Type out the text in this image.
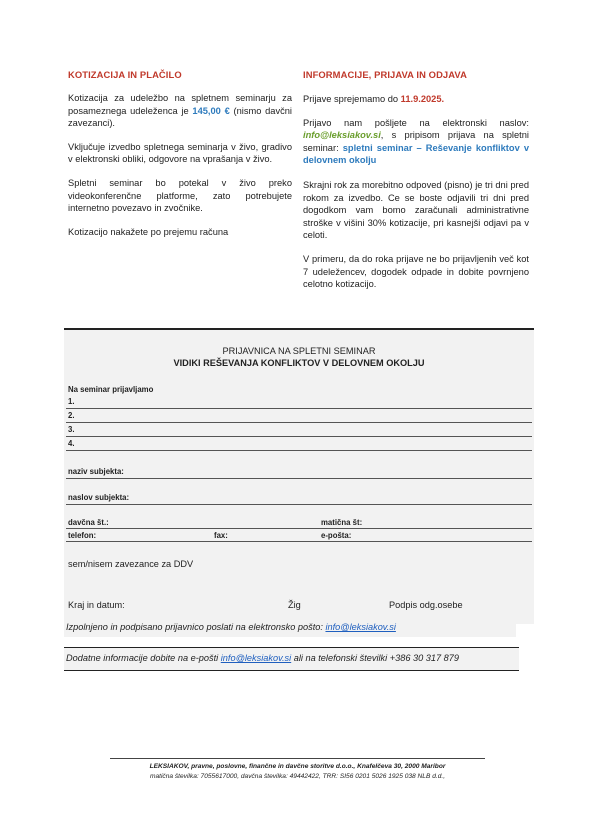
KOTIZACIJA IN PLAČILO

Kotizacija za udeležbo na spletnem seminarju za posameznega udeleženca je 145,00 € (nismo davčni zavezanci).

Vključuje izvedbo spletnega seminarja v živo, gradivo v elektronski obliki, odgovore na vprašanja v živo.

Spletni seminar bo potekal v živo preko videokonferenčne platforme, zato potrebujete internetno povezavo in zvočnike.

Kotizacijo nakažete po prejemu računa

INFORMACIJE, PRIJAVA IN ODJAVA

Prijave sprejemamo do 11.9.2025.

Prijavo nam pošljete na elektronski naslov: info@leksiakov.si, s pripisom prijava na spletni seminar: spletni seminar – Reševanje konfliktov v delovnem okolju

Skrajni rok za morebitno odpoved (pisno) je tri dni pred rokom za izvedbo. Ce se boste odjavili tri dni pred dogodkom vam bomo zaračunali administrativne stroške v višini 30% kotizacije, pri kasnejši odjavi pa v celoti.

V primeru, da do roka prijave ne bo prijavljenih več kot 7 udeležencev, dogodek odpade in dobite povrnjeno celotno kotizacijo.

PRIJAVNICA NA SPLETNI SEMINAR
VIDIKI REŠEVANJA KONFLIKTOV V DELOVNEM OKOLJU
Na seminar prijavljamo
1.
2.
3.
4.
naziv subjekta:
naslov subjekta:
davčna št.:	matična št:
telefon:	fax:	e-pošta:
sem/nisem zavezance za DDV
Kraj in datum:	Žig	Podpis odg.osebe
Izpolnjeno in podpisano prijavnico poslati na elektronsko pošto: info@leksiakov.si
Dodatne informacije dobite na e-pošti info@leksiakov.si ali na telefonski številki +386 30 317 879
LEKSIAKOV, pravne, poslovne, finančne in davčne storitve d.o.o., Knafelčeva 30, 2000 Maribor
matična številka: 7055617000, davčna številka: 49442422, TRR: SI56 0201 5026 1925 038 NLB d.d.,
